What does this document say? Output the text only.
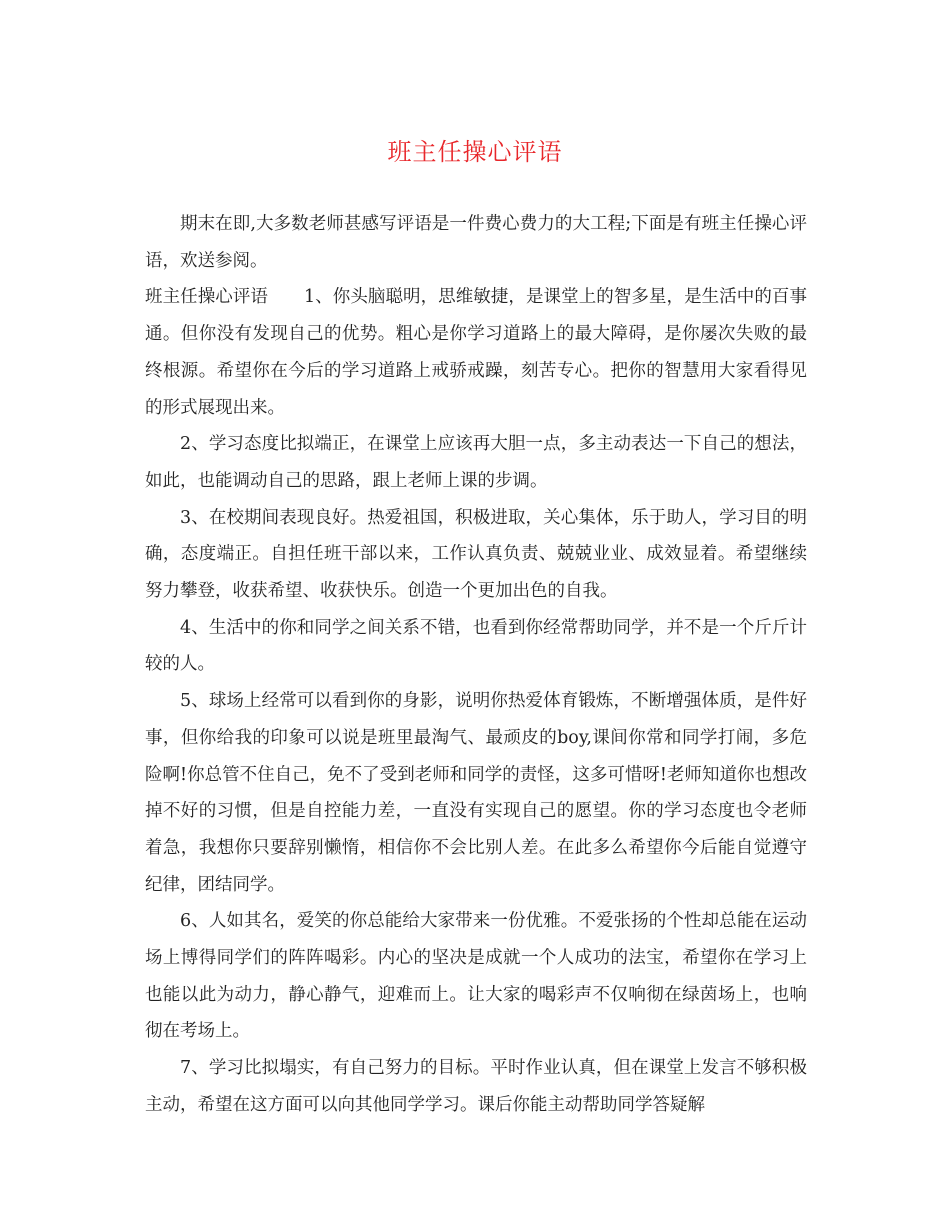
班主任操心评语

期末在即,大多数老师甚感写评语是一件费心费力的大工程;下面是有班主任操心评语，欢送参阅。

班主任操心评语 1、你头脑聪明，思维敏捷，是课堂上的智多星，是生活中的百事通。但你没有发现自己的优势。粗心是你学习道路上的最大障碍，是你屡次失败的最终根源。希望你在今后的学习道路上戒骄戒躁，刻苦专心。把你的智慧用大家看得见的形式展现出来。

2、学习态度比拟端正，在课堂上应该再大胆一点，多主动表达一下自己的想法，如此，也能调动自己的思路，跟上老师上课的步调。

3、在校期间表现良好。热爱祖国，积极进取，关心集体，乐于助人，学习目的明确，态度端正。自担任班干部以来，工作认真负责、兢兢业业、成效显着。希望继续努力攀登，收获希望、收获快乐。创造一个更加出色的自我。

4、生活中的你和同学之间关系不错，也看到你经常帮助同学，并不是一个斤斤计较的人。

5、球场上经常可以看到你的身影，说明你热爱体育锻炼，不断增强体质，是件好事，但你给我的印象可以说是班里最淘气、最顽皮的boy,课间你常和同学打闹，多危险啊!你总管不住自己，免不了受到老师和同学的责怪，这多可惜呀!老师知道你也想改掉不好的习惯，但是自控能力差，一直没有实现自己的愿望。你的学习态度也令老师着急，我想你只要辞别懒惰，相信你不会比别人差。在此多么希望你今后能自觉遵守纪律，团结同学。

6、人如其名，爱笑的你总能给大家带来一份优雅。不爱张扬的个性却总能在运动场上博得同学们的阵阵喝彩。内心的坚决是成就一个人成功的法宝，希望你在学习上也能以此为动力，静心静气，迎难而上。让大家的喝彩声不仅响彻在绿茵场上，也响彻在考场上。

7、学习比拟塌实，有自己努力的目标。平时作业认真，但在课堂上发言不够积极主动，希望在这方面可以向其他同学学习。课后你能主动帮助同学答疑解
